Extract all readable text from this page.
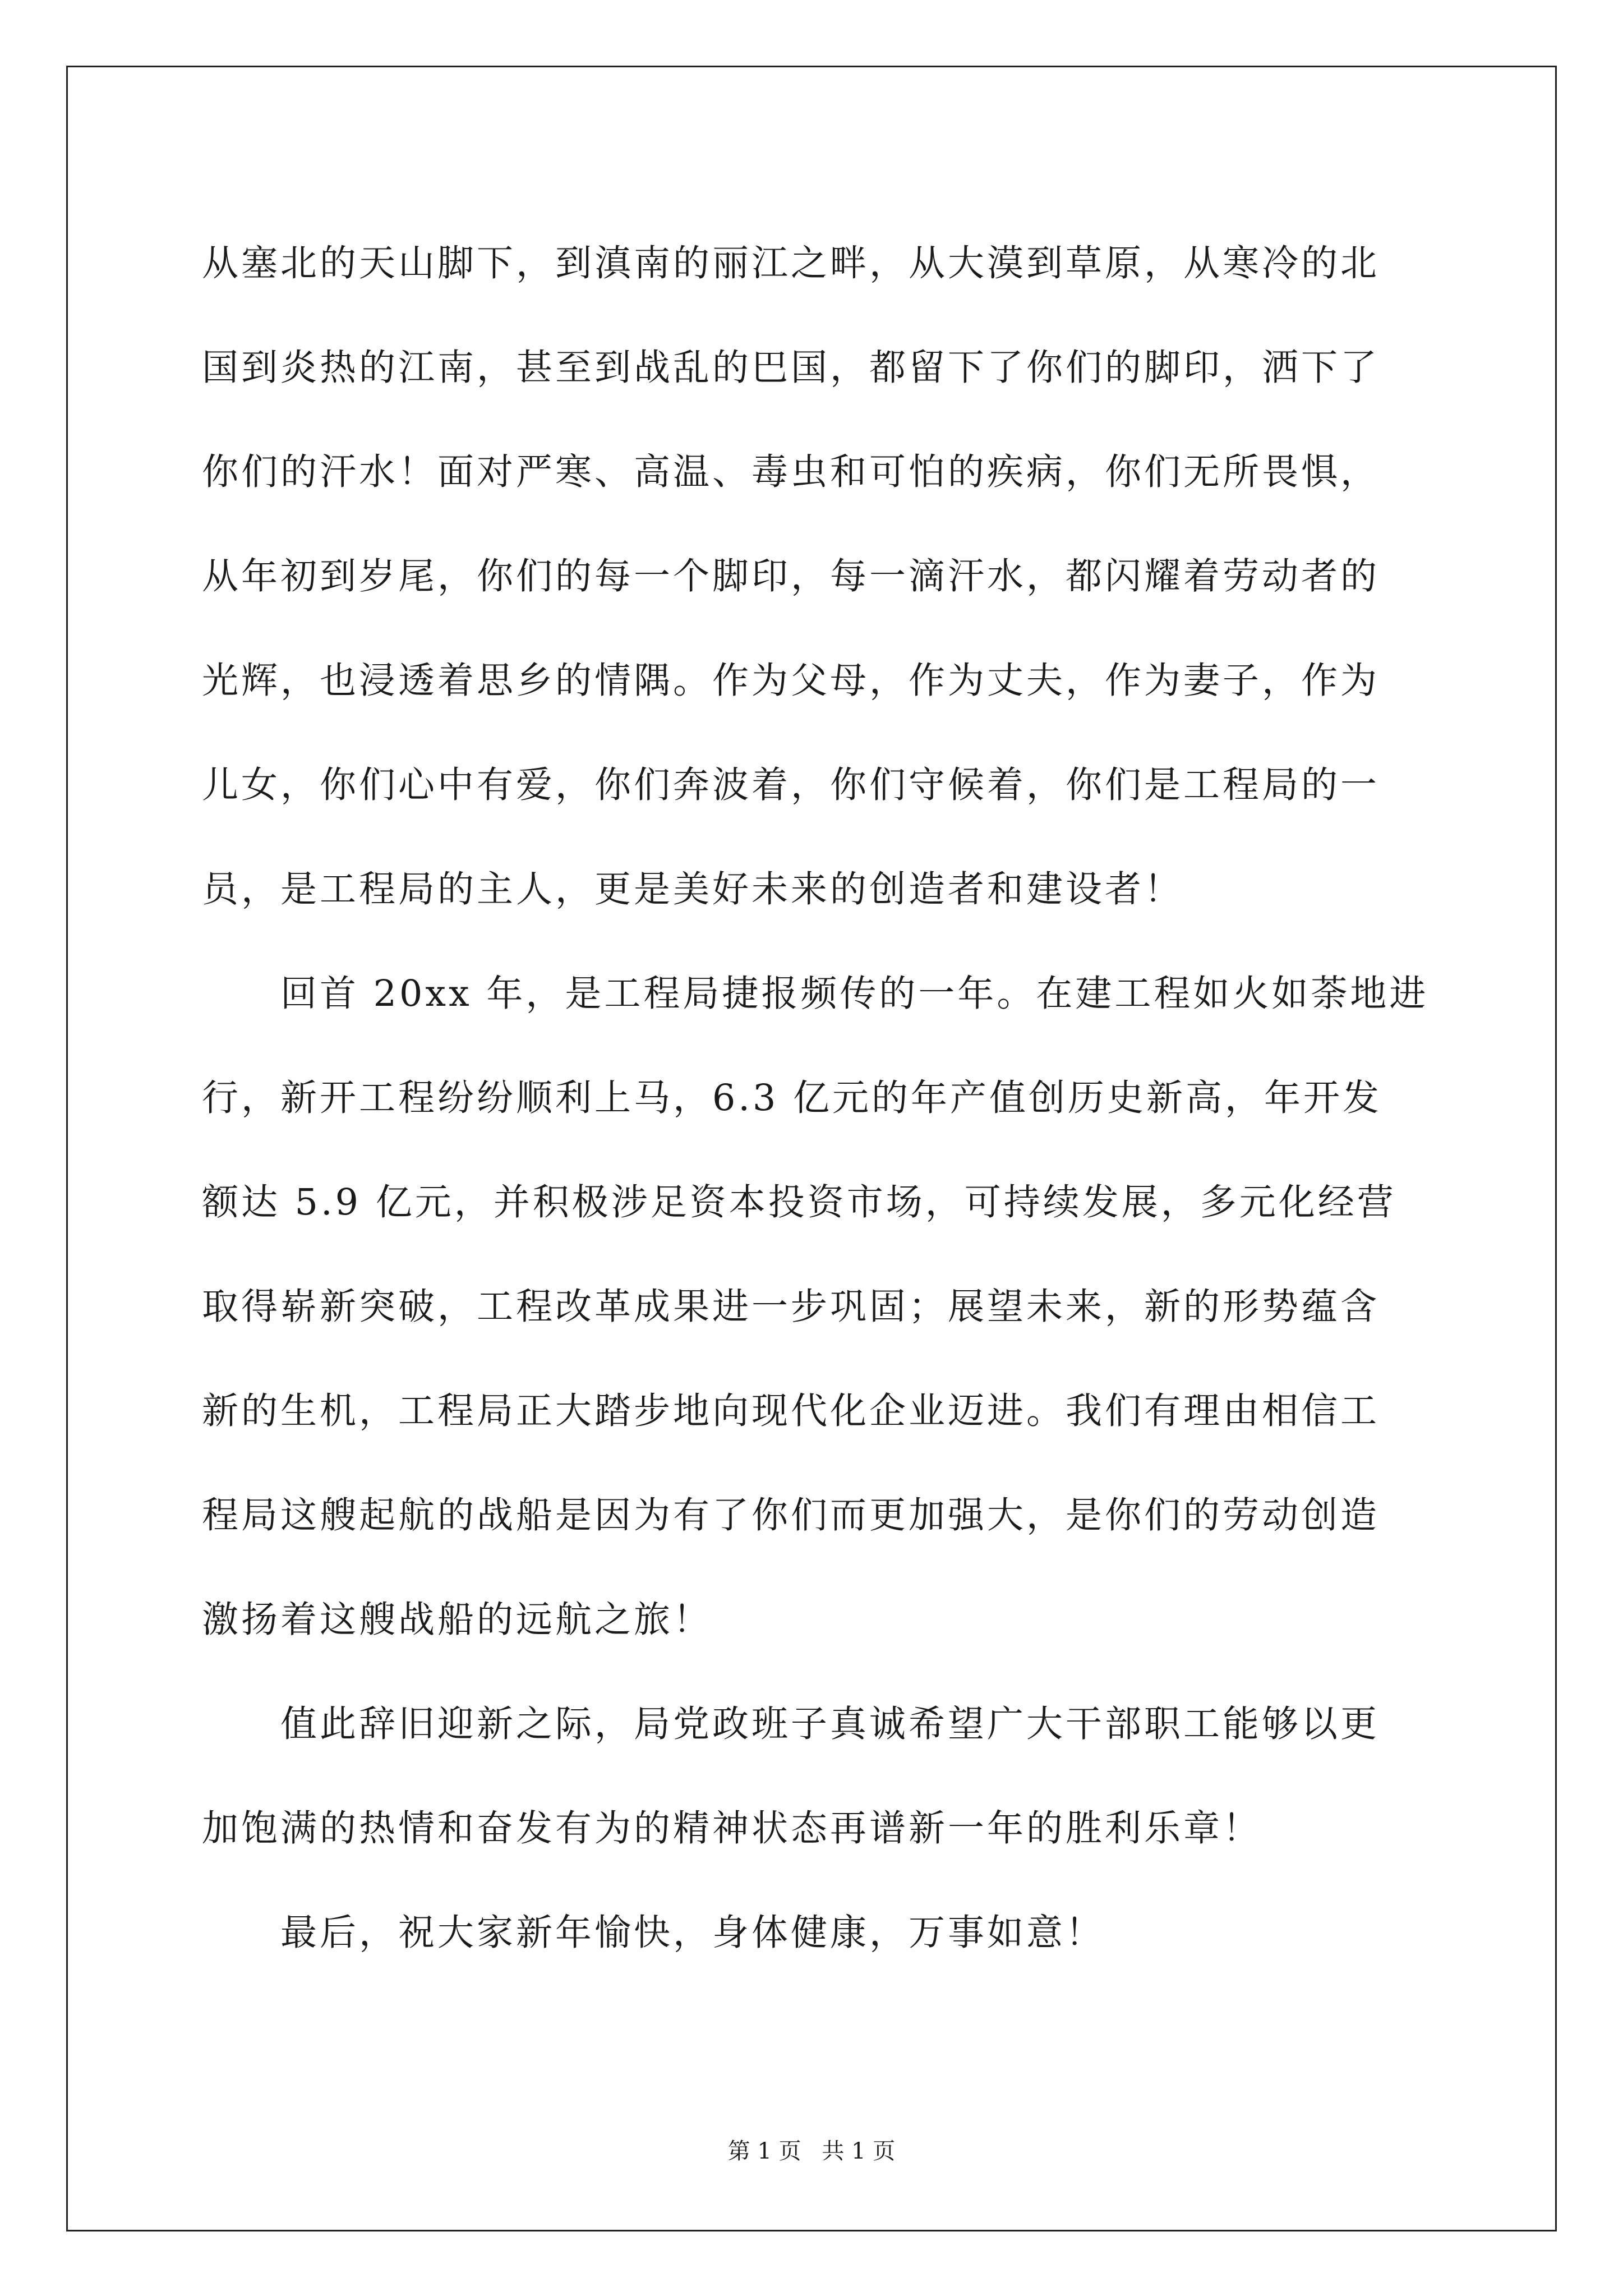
从塞北的天山脚下，到滇南的丽江之畔，从大漠到草原，从寒冷的北
国到炎热的江南，甚至到战乱的巴国，都留下了你们的脚印，洒下了
你们的汗水！面对严寒、高温、毒虫和可怕的疾病，你们无所畏惧，
从年初到岁尾，你们的每一个脚印，每一滴汗水，都闪耀着劳动者的
光辉，也浸透着思乡的情隅。作为父母，作为丈夫，作为妻子，作为
儿女，你们心中有爱，你们奔波着，你们守候着，你们是工程局的一
员，是工程局的主人，更是美好未来的创造者和建设者！
　　回首 20xx 年，是工程局捷报频传的一年。在建工程如火如荼地进
行，新开工程纷纷顺利上马，6.3 亿元的年产值创历史新高，年开发
额达 5.9 亿元，并积极涉足资本投资市场，可持续发展，多元化经营
取得崭新突破，工程改革成果进一步巩固；展望未来，新的形势蕴含
新的生机，工程局正大踏步地向现代化企业迈进。我们有理由相信工
程局这艘起航的战船是因为有了你们而更加强大，是你们的劳动创造
激扬着这艘战船的远航之旅！
　　值此辞旧迎新之际，局党政班子真诚希望广大干部职工能够以更
加饱满的热情和奋发有为的精神状态再谱新一年的胜利乐章！
　　最后，祝大家新年愉快，身体健康，万事如意！
第 1 页 共 1 页
